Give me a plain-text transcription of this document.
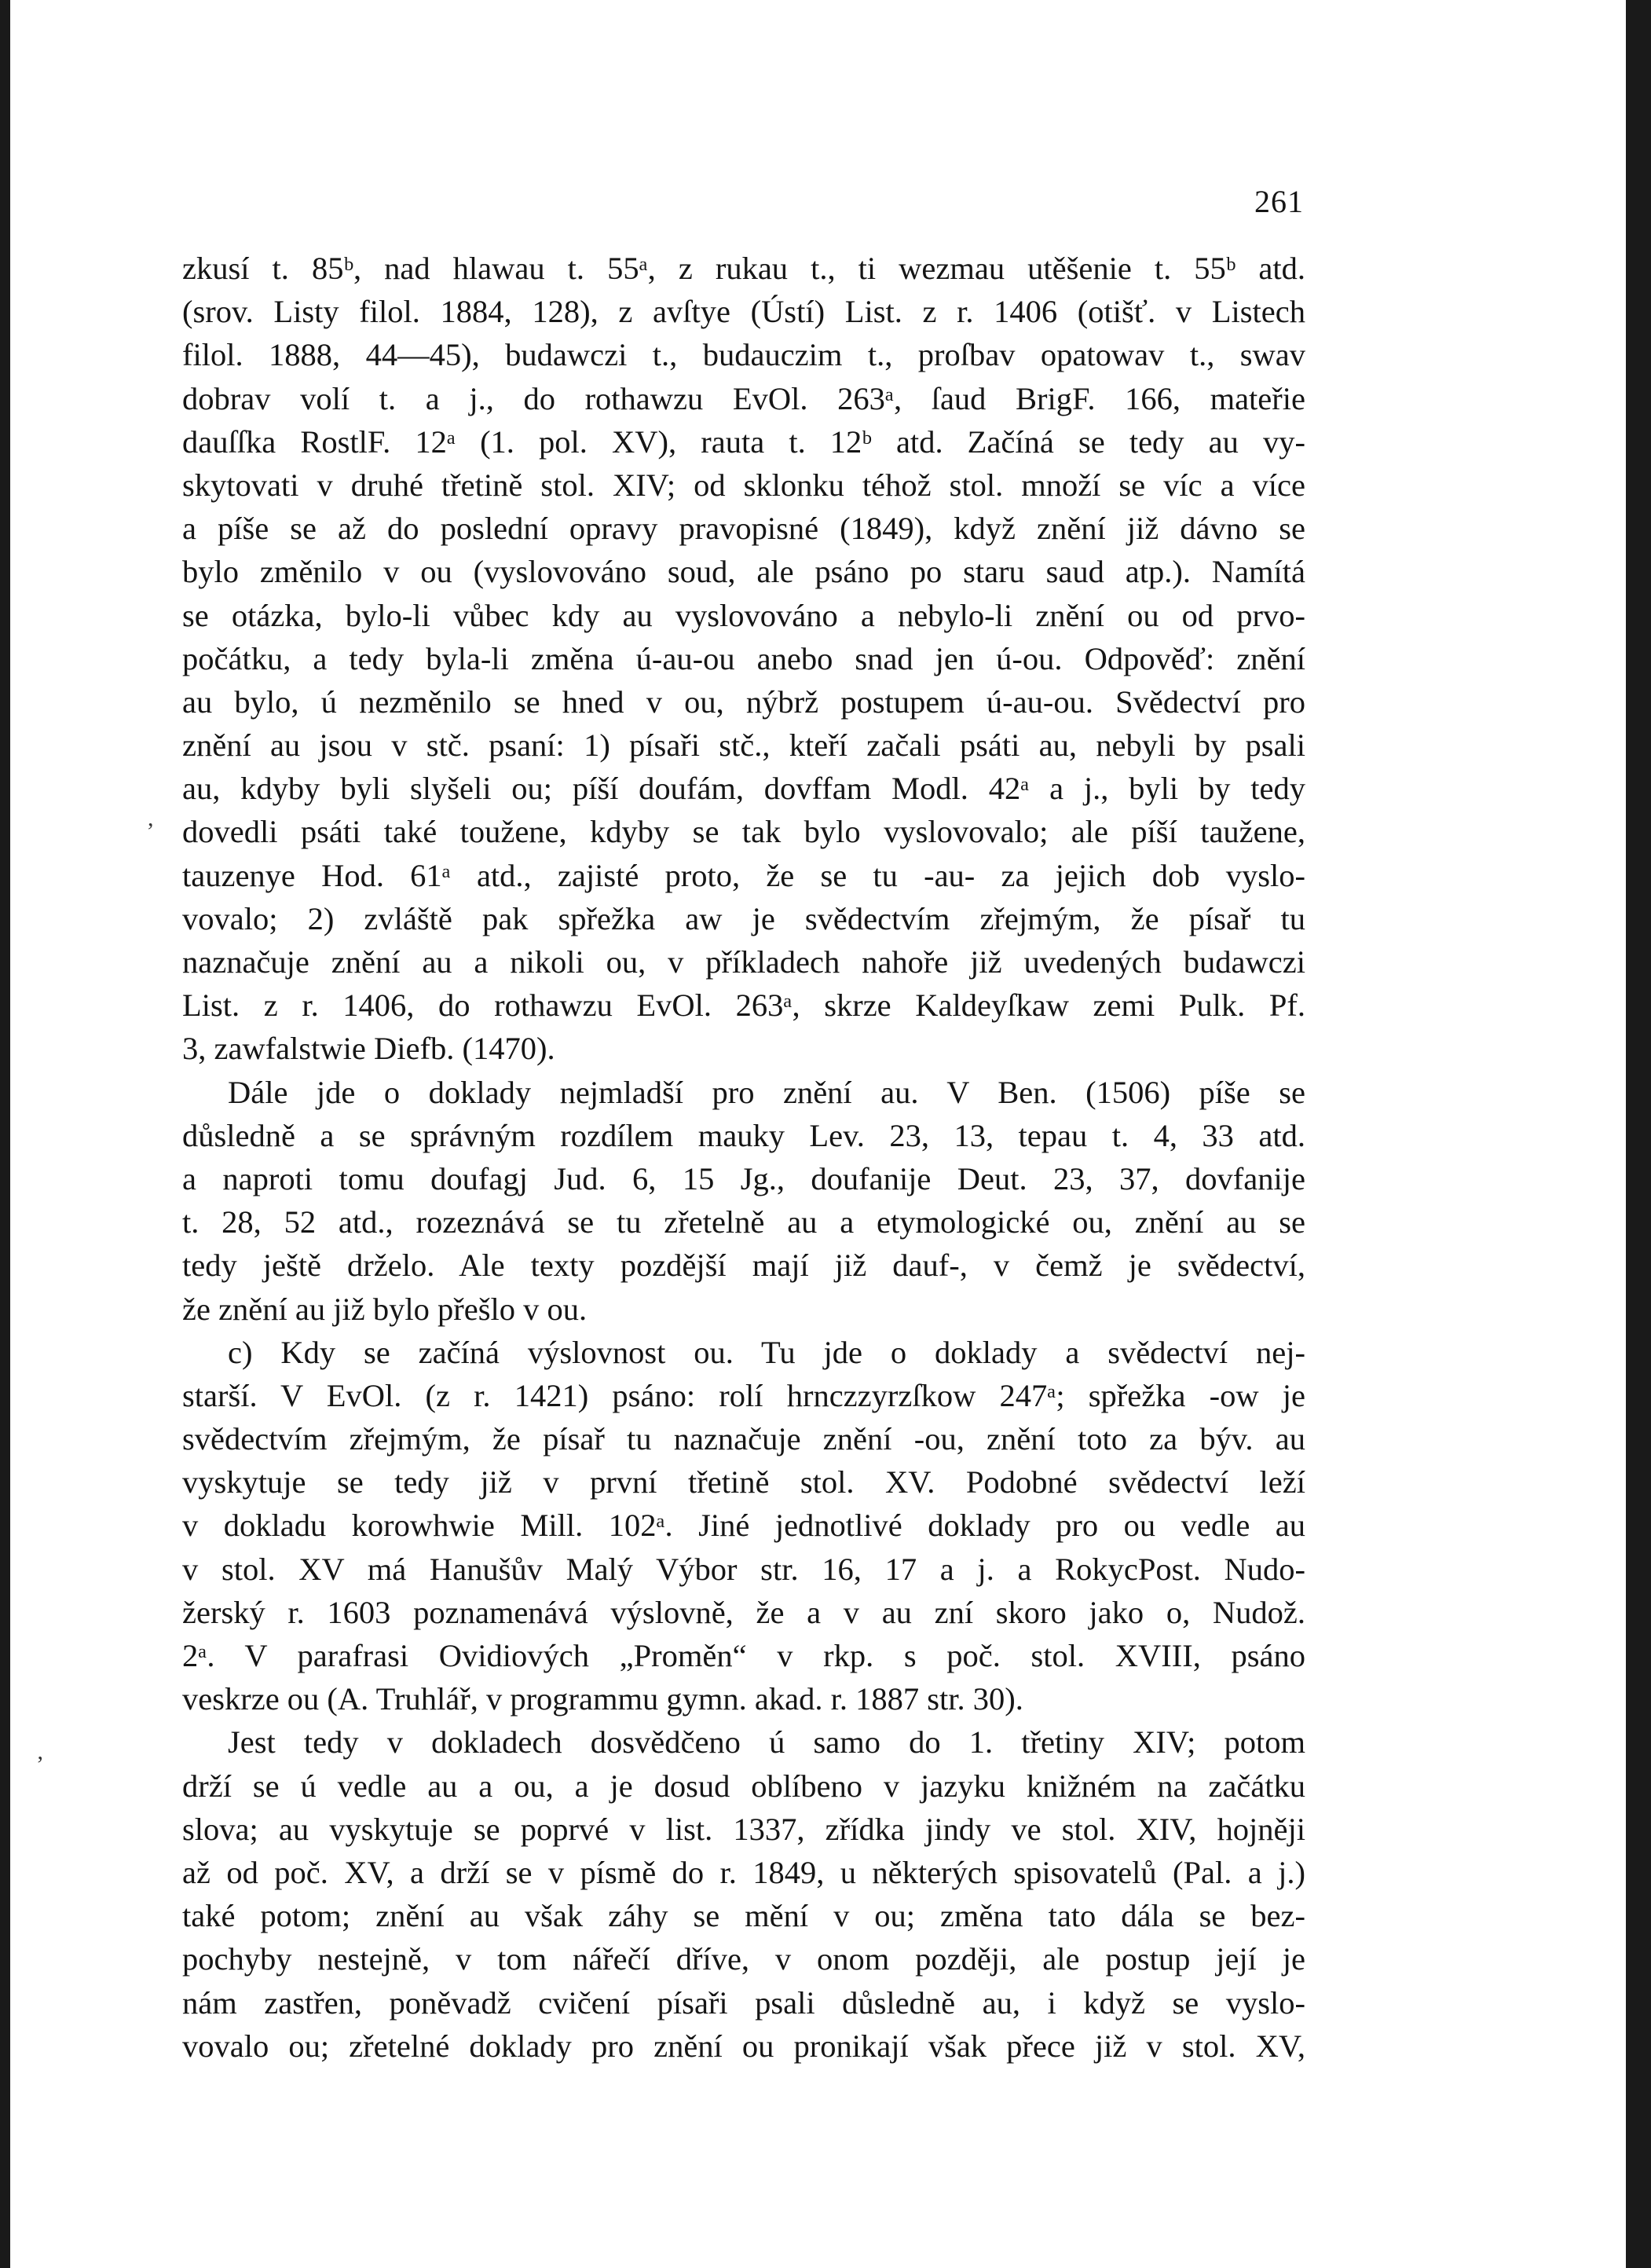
,
ʼ
261
zkusí t. 85ᵇ, nad hlawau t. 55ᵃ, z rukau t., ti wezmau utěšenie t. 55ᵇ atd.
(srov. Listy filol. 1884, 128), z avſtye (Ústí) List. z r. 1406 (otišť. v Listech
filol. 1888, 44—45), budawczi t., budauczim t., proſbav opatowav t., swav
dobrav volí t. a j., do rothawzu EvOl. 263ᵃ, ſaud BrigF. 166, mateřie
dauſſka RostlF. 12ᵃ (1. pol. XV), rauta t. 12ᵇ atd. Začíná se tedy au vy-
skytovati v druhé třetině stol. XIV; od sklonku téhož stol. množí se víc a více
a píše se až do poslední opravy pravopisné (1849), když znění již dávno se
bylo změnilo v ou (vyslovováno soud, ale psáno po staru saud atp.). Namítá
se otázka, bylo-li vůbec kdy au vyslovováno a nebylo-li znění ou od prvo-
počátku, a tedy byla-li změna ú-au-ou anebo snad jen ú-ou. Odpověď: znění
au bylo, ú nezměnilo se hned v ou, nýbrž postupem ú-au-ou. Svědectví pro
znění au jsou v stč. psaní: 1) písaři stč., kteří začali psáti au, nebyli by psali
au, kdyby byli slyšeli ou; píší doufám, dovffam Modl. 42ᵃ a j., byli by tedy
dovedli psáti také toužene, kdyby se tak bylo vyslovovalo; ale píší taužene,
tauzenye Hod. 61ᵃ atd., zajisté proto, že se tu -au- za jejich dob vyslo-
vovalo; 2) zvláště pak spřežka aw je svědectvím zřejmým, že písař tu
naznačuje znění au a nikoli ou, v příkladech nahoře již uvedených budawczi
List. z r. 1406, do rothawzu EvOl. 263ᵃ, skrze Kaldeyſkaw zemi Pulk. Pf.
3, zawfalstwie Diefb. (1470).
Dále jde o doklady nejmladší pro znění au. V Ben. (1506) píše se
důsledně a se správným rozdílem mauky Lev. 23, 13, tepau t. 4, 33 atd.
a naproti tomu doufagj Jud. 6, 15 Jg., doufanije Deut. 23, 37, dovfanije
t. 28, 52 atd., rozeznává se tu zřetelně au a etymologické ou, znění au se
tedy ještě drželo. Ale texty pozdější mají již dauf-, v čemž je svědectví,
že znění au již bylo přešlo v ou.
c) Kdy se začíná výslovnost ou. Tu jde o doklady a svědectví nej-
starší. V EvOl. (z r. 1421) psáno: rolí hrnczzyrzſkow 247ᵃ; spřežka -ow je
svědectvím zřejmým, že písař tu naznačuje znění -ou, znění toto za býv. au
vyskytuje se tedy již v první třetině stol. XV. Podobné svědectví leží
v dokladu korowhwie Mill. 102ᵃ. Jiné jednotlivé doklady pro ou vedle au
v stol. XV má Hanušův Malý Výbor str. 16, 17 a j. a RokycPost. Nudo-
žerský r. 1603 poznamenává výslovně, že a v au zní skoro jako o, Nudož.
2ᵃ. V parafrasi Ovidiových „Proměn“ v rkp. s poč. stol. XVIII, psáno
veskrze ou (A. Truhlář, v programmu gymn. akad. r. 1887 str. 30).
Jest tedy v dokladech dosvědčeno ú samo do 1. třetiny XIV; potom
drží se ú vedle au a ou, a je dosud oblíbeno v jazyku knižném na začátku
slova; au vyskytuje se poprvé v list. 1337, zřídka jindy ve stol. XIV, hojněji
až od poč. XV, a drží se v písmě do r. 1849, u některých spisovatelů (Pal. a j.)
také potom; znění au však záhy se mění v ou; změna tato dála se bez-
pochyby nestejně, v tom nářečí dříve, v onom později, ale postup její je
nám zastřen, poněvadž cvičení písaři psali důsledně au, i když se vyslo-
vovalo ou; zřetelné doklady pro znění ou pronikají však přece již v stol. XV,
